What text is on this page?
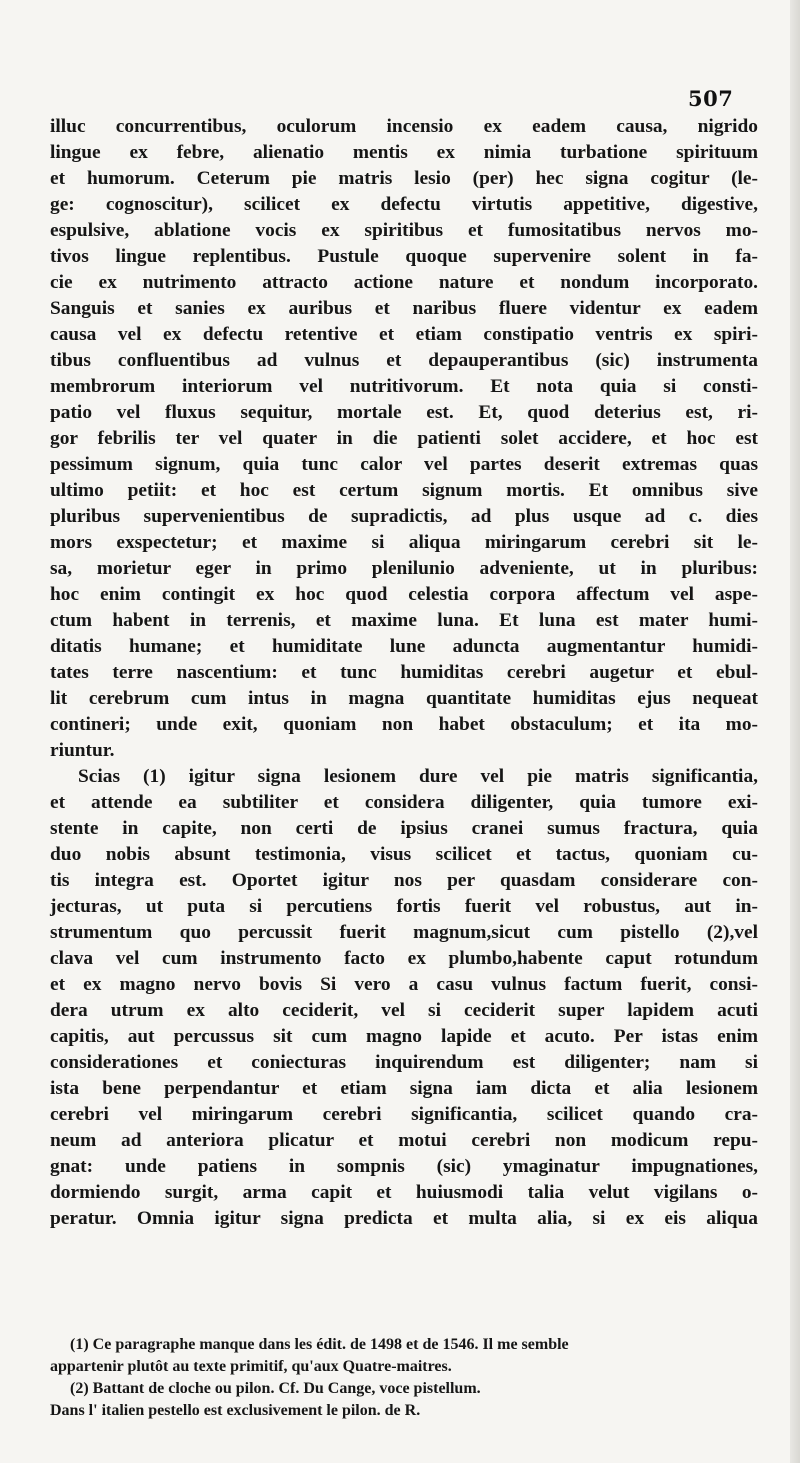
507
illuc concurrentibus, oculorum incensio ex eadem causa, nigrido
lingue ex febre, alienatio mentis ex nimia turbatione spirituum
et humorum. Ceterum pie matris lesio (per) hec signa cogitur (le-
ge: cognoscitur), scilicet ex defectu virtutis appetitive, digestive,
espulsive, ablatione vocis ex spiritibus et fumositatibus nervos mo-
tivos lingue replentibus. Pustule quoque supervenire solent in fa-
cie ex nutrimento attracto actione nature et nondum incorporato.
Sanguis et sanies ex auribus et naribus fluere videntur ex eadem
causa vel ex defectu retentive et etiam constipatio ventris ex spiri-
tibus confluentibus ad vulnus et depauperantibus (sic) instrumenta
membrorum interiorum vel nutritivorum. Et nota quia si consti-
patio vel fluxus sequitur, mortale est. Et, quod deterius est, ri-
gor febrilis ter vel quater in die patienti solet accidere, et hoc est
pessimum signum, quia tunc calor vel partes deserit extremas quas
ultimo petiit: et hoc est certum signum mortis. Et omnibus sive
pluribus supervenientibus de supradictis, ad plus usque ad c. dies
mors exspectetur; et maxime si aliqua miringarum cerebri sit le-
sa, morietur eger in primo plenilunio adveniente, ut in pluribus:
hoc enim contingit ex hoc quod celestia corpora affectum vel aspe-
ctum habent in terrenis, et maxime luna. Et luna est mater humi-
ditatis humane; et humiditate lune aduncta augmentantur humidi-
tates terre nascentium: et tunc humiditas cerebri augetur et ebul-
lit cerebrum cum intus in magna quantitate humiditas ejus nequeat
contineri; unde exit, quoniam non habet obstaculum; et ita mo-
riuntur.
Scias (1) igitur signa lesionem dure vel pie matris significantia,
et attende ea subtiliter et considera diligenter, quia tumore exi-
stente in capite, non certi de ipsius cranei sumus fractura, quia
duo nobis absunt testimonia, visus scilicet et tactus, quoniam cu-
tis integra est. Oportet igitur nos per quasdam considerare con-
jecturas, ut puta si percutiens fortis fuerit vel robustus, aut in-
strumentum quo percussit fuerit magnum,sicut cum pistello (2),vel
clava vel cum instrumento facto ex plumbo,habente caput rotundum
et ex magno nervo bovis Si vero a casu vulnus factum fuerit, consi-
dera utrum ex alto ceciderit, vel si ceciderit super lapidem acuti
capitis, aut percussus sit cum magno lapide et acuto. Per istas enim
considerationes et coniecturas inquirendum est diligenter; nam si
ista bene perpendantur et etiam signa iam dicta et alia lesionem
cerebri vel miringarum cerebri significantia, scilicet quando cra-
neum ad anteriora plicatur et motui cerebri non modicum repu-
gnat: unde patiens in sompnis (sic) ymaginatur impugnationes,
dormiendo surgit, arma capit et huiusmodi talia velut vigilans o-
peratur. Omnia igitur signa predicta et multa alia, si ex eis aliqua
(1) Ce paragraphe manque dans les édit. de 1498 et de 1546. Il me semble
appartenir plutôt au texte primitif, qu'aux Quatre-maitres.
(2) Battant de cloche ou pilon. Cf. Du Cange, voce pistellum.
Dans l' italien pestello est exclusivement le pilon. de R.
